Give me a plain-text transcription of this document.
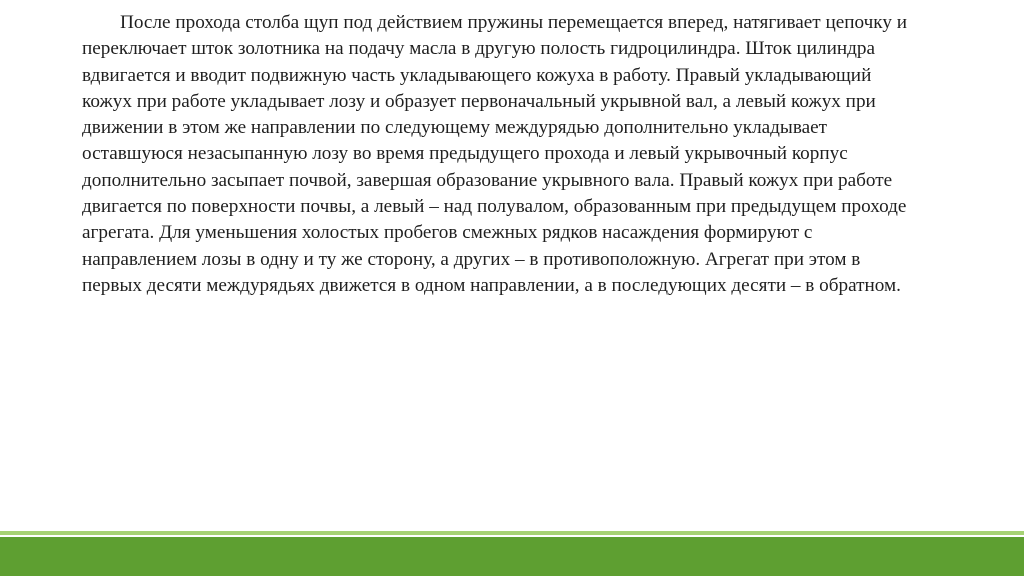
После прохода столба щуп под действием пружины перемещается вперед, натягивает цепочку и переключает шток золотника на подачу масла в другую полость гидроцилиндра. Шток цилиндра вдвигается и вводит подвижную часть укладывающего кожуха в работу. Правый укладывающий кожух при работе укладывает лозу и образует первоначальный укрывной вал, а левый кожух при движении в этом же направлении по следующему междурядью дополнительно укладывает оставшуюся незасыпанную лозу во время предыдущего прохода и левый укрывочный корпус дополнительно засыпает почвой, завершая образование укрывного вала. Правый кожух при работе двигается по поверхности почвы, а левый – над полувалом, образованным при предыдущем проходе агрегата. Для уменьшения холостых пробегов смежных рядков насаждения формируют с направлением лозы в одну и ту же сторону, а других – в противоположную. Агрегат при этом в первых десяти междурядьях движется в одном направлении, а в последующих десяти – в обратном.
